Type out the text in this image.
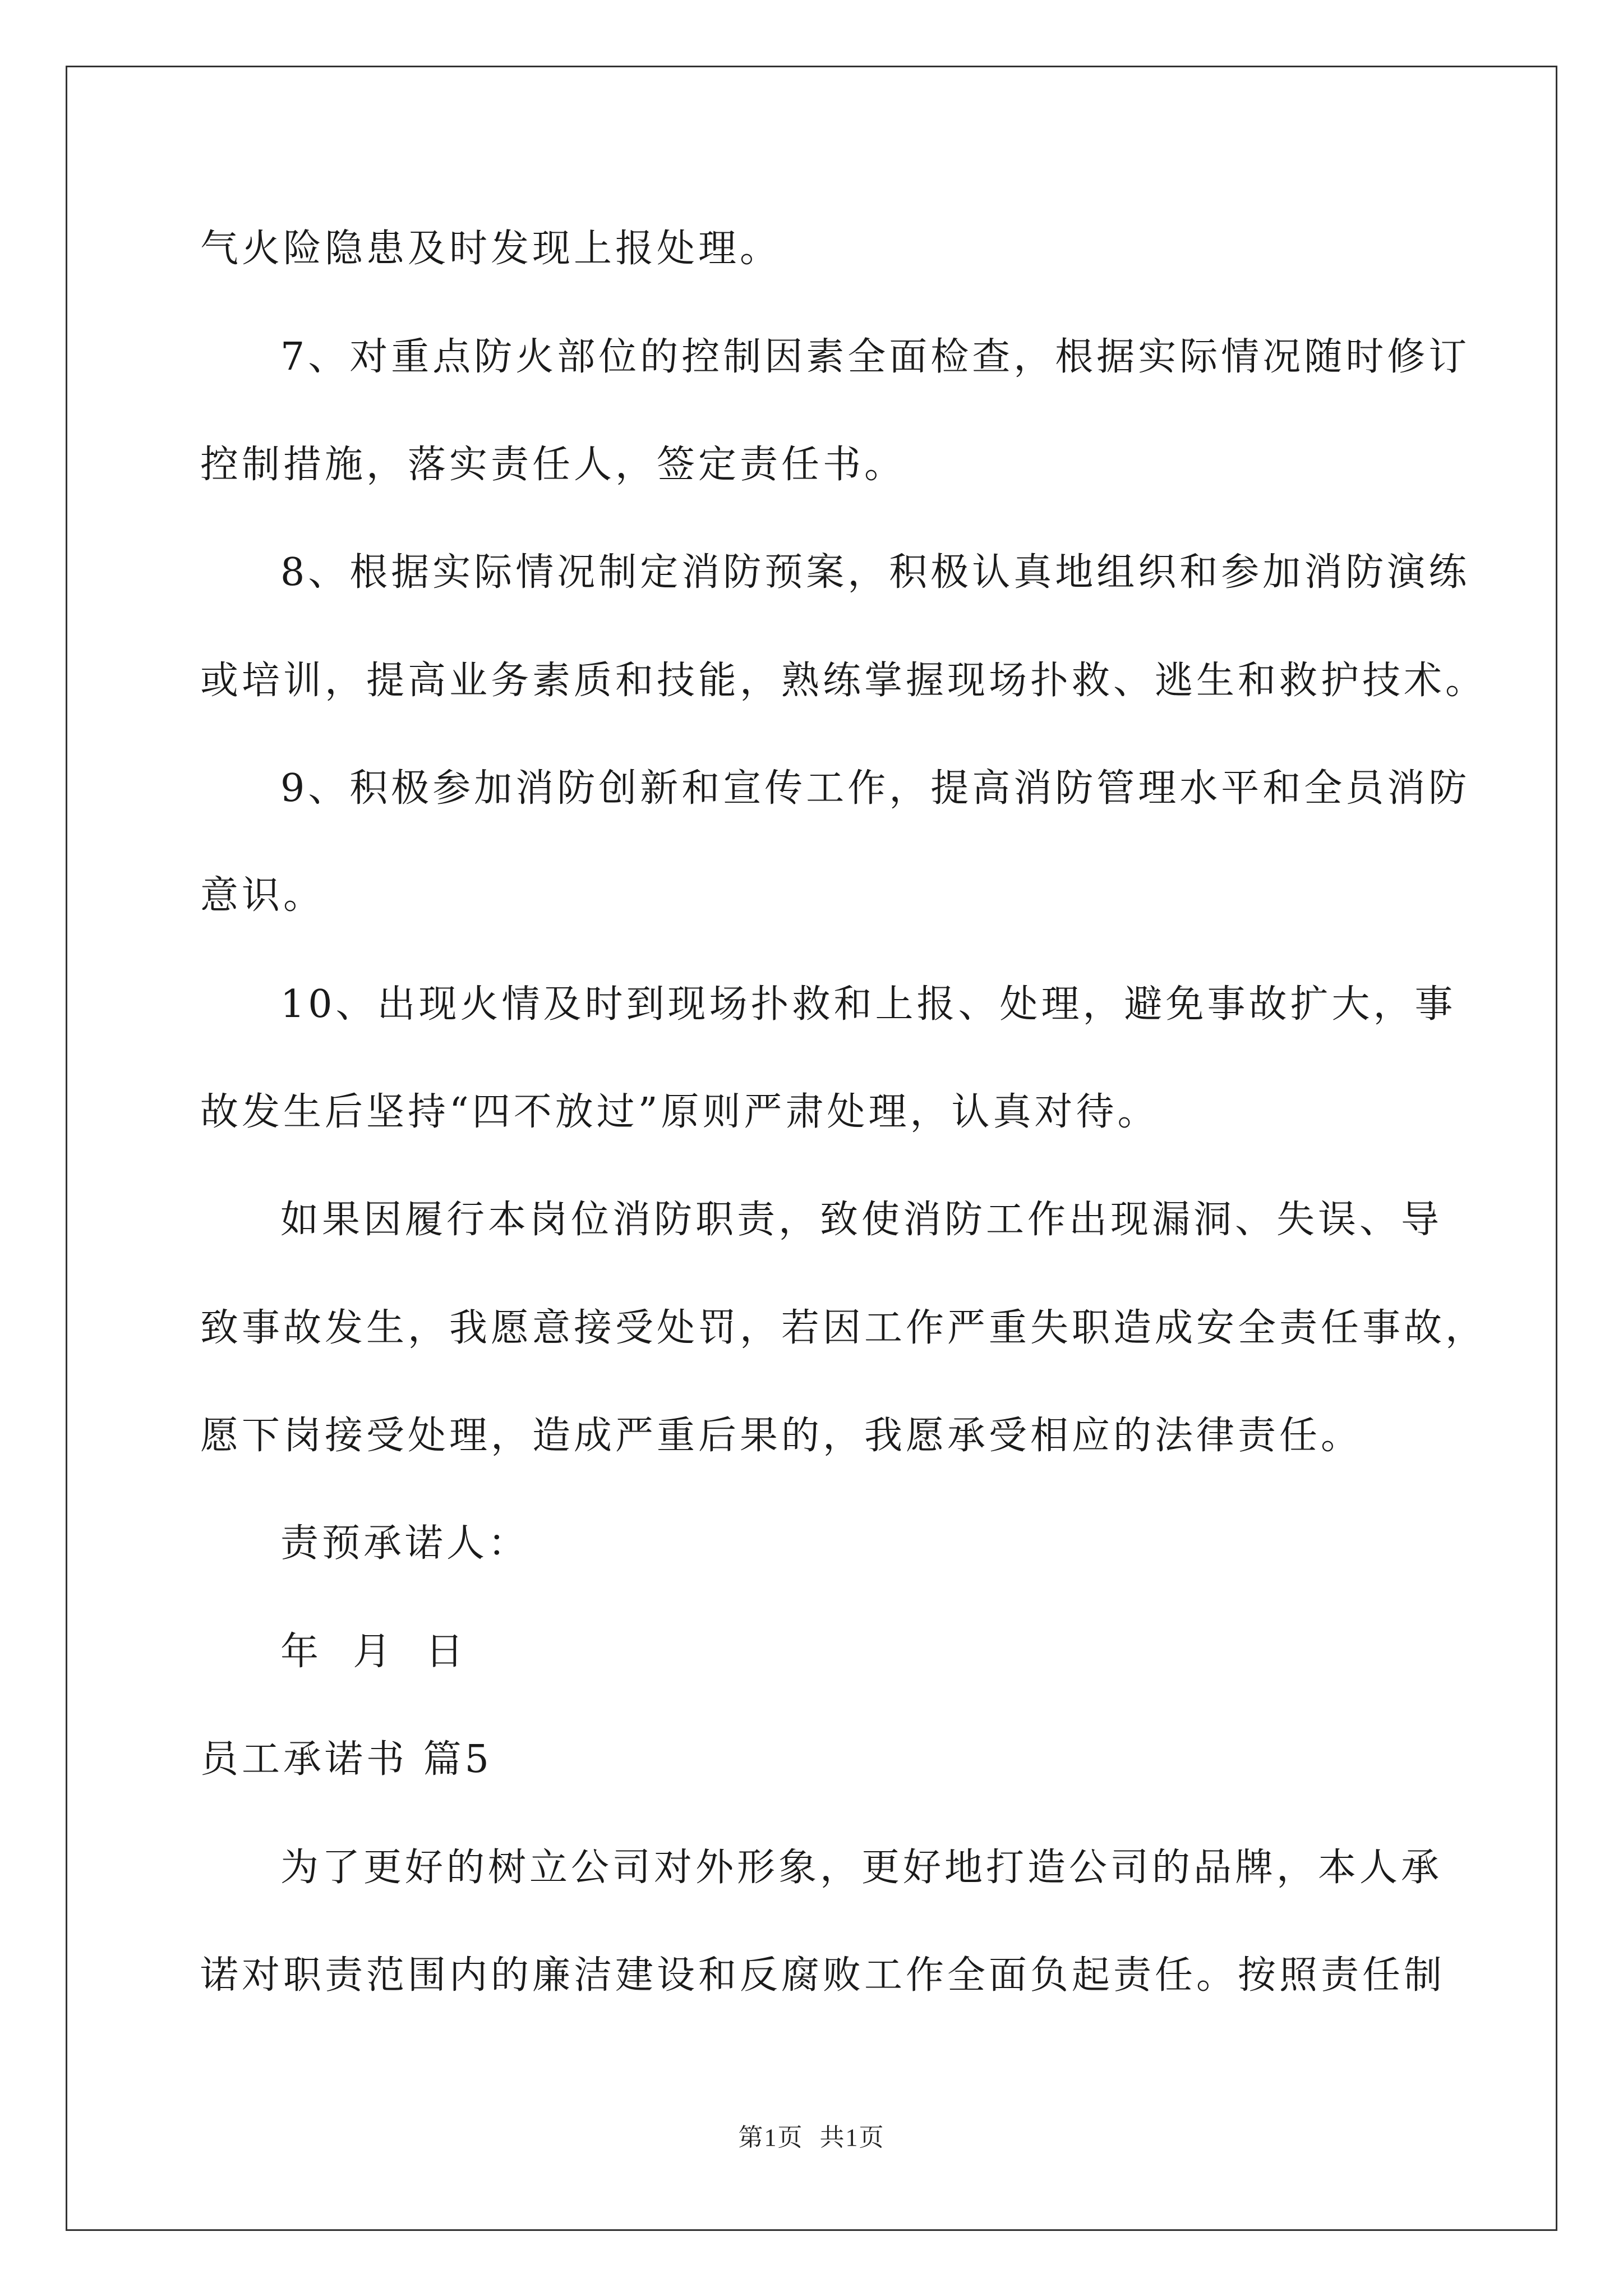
气火险隐患及时发现上报处理。
7、对重点防火部位的控制因素全面检查，根据实际情况随时修订
控制措施，落实责任人，签定责任书。
8、根据实际情况制定消防预案，积极认真地组织和参加消防演练
或培训，提高业务素质和技能，熟练掌握现场扑救、逃生和救护技术。
9、积极参加消防创新和宣传工作，提高消防管理水平和全员消防
意识。
10、出现火情及时到现场扑救和上报、处理，避免事故扩大，事
故发生后坚持“四不放过”原则严肃处理，认真对待。
如果因履行本岗位消防职责，致使消防工作出现漏洞、失误、导
致事故发生，我愿意接受处罚，若因工作严重失职造成安全责任事故，
愿下岗接受处理，造成严重后果的，我愿承受相应的法律责任。
责预承诺人：
年  月  日
员工承诺书 篇5
为了更好的树立公司对外形象，更好地打造公司的品牌，本人承
诺对职责范围内的廉洁建设和反腐败工作全面负起责任。按照责任制
第1页 共1页
